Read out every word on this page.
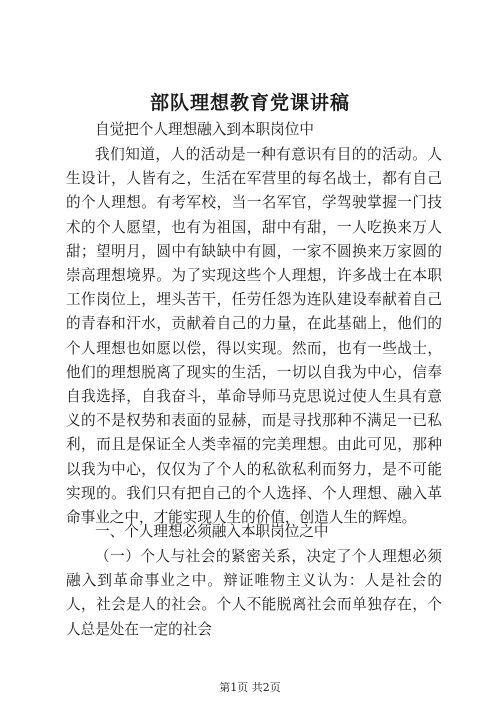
部队理想教育党课讲稿

自觉把个人理想融入到本职岗位中

我们知道，人的活动是一种有意识有目的的活动。人生设计，人皆有之，生活在军营里的每名战士，都有自己的个人理想。有考军校，当一名军官，学驾驶掌握一门技术的个人愿望，也有为祖国，甜中有甜，一人吃换来万人甜；望明月，圆中有缺缺中有圆，一家不圆换来万家圆的崇高理想境界。为了实现这些个人理想，许多战士在本职工作岗位上，埋头苦干，任劳任怨为连队建设奉献着自己的青春和汗水，贡献着自己的力量，在此基础上，他们的个人理想也如愿以偿，得以实现。然而，也有一些战士，他们的理想脱离了现实的生活，一切以自我为中心，信奉自我选择，自我奋斗，革命导师马克思说过使人生具有意义的不是权势和表面的显赫，而是寻找那种不满足一已私利，而且是保证全人类幸福的完美理想。由此可见，那种以我为中心，仅仅为了个人的私欲私利而努力，是不可能实现的。我们只有把自己的个人选择、个人理想、融入革命事业之中，才能实现人生的价值，创造人生的辉煌。

一、个人理想必须融入本职岗位之中

（一）个人与社会的紧密关系，决定了个人理想必须融入到革命事业之中。辩证唯物主义认为：人是社会的人，社会是人的社会。个人不能脱离社会而单独存在，个人总是处在一定的社会

第1页 共2页
